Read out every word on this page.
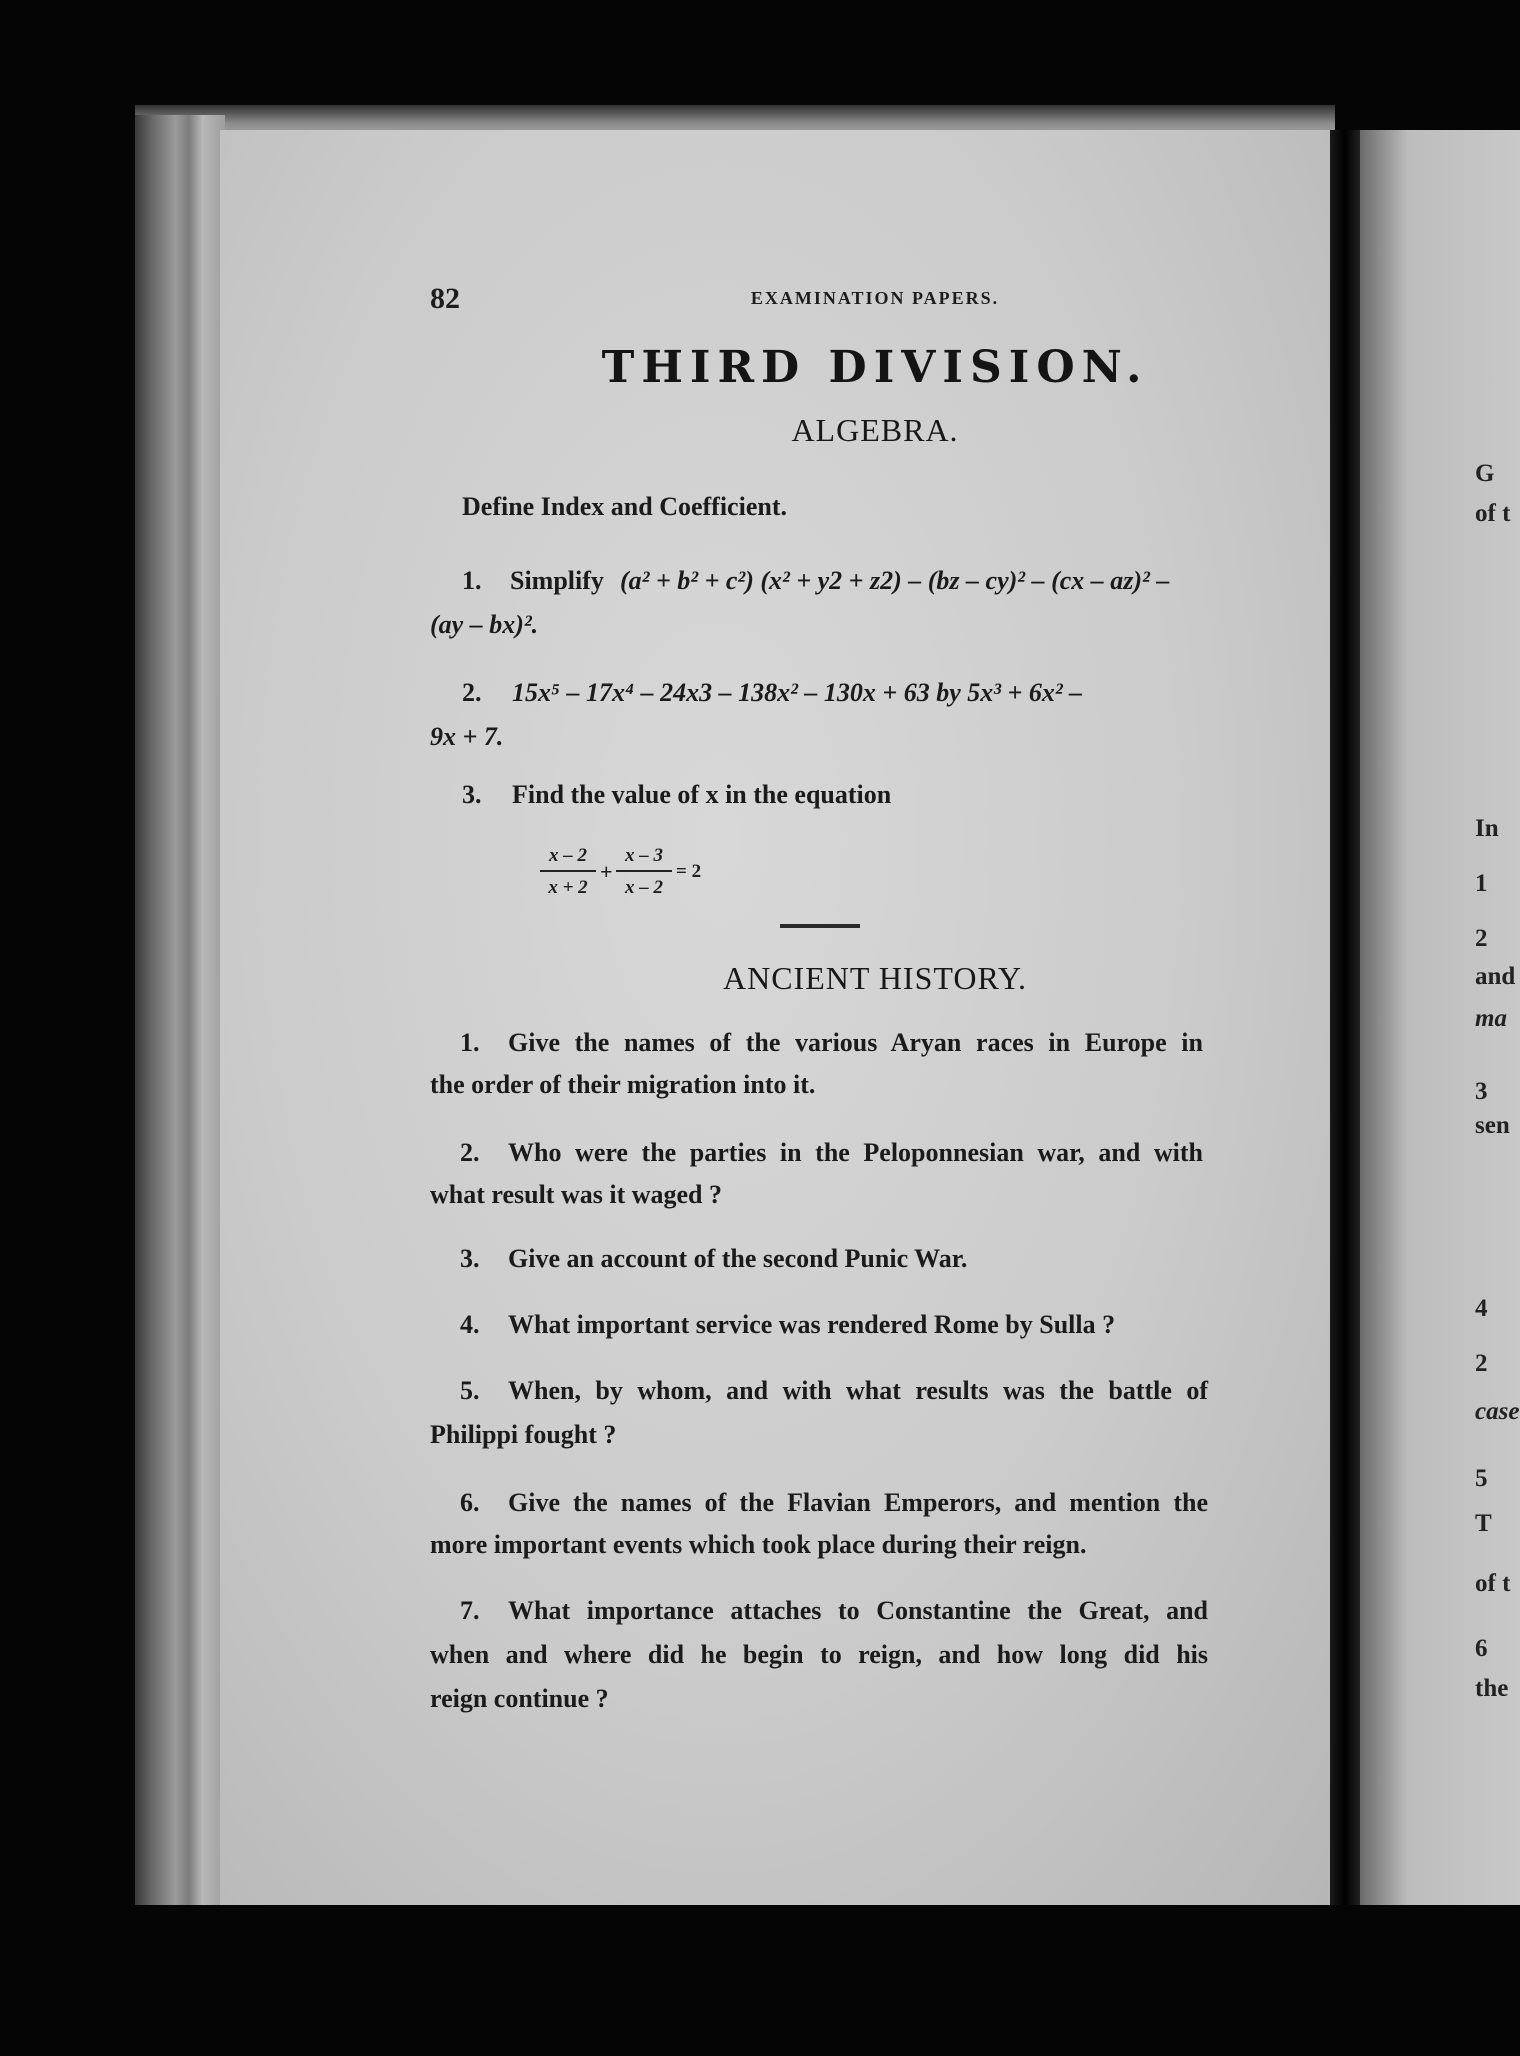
G
of t
In
1
2
and
ma
3
sen
4
2
case
5
T
of t
6
the
82	EXAMINATION PAPERS.
THIRD DIVISION.
ALGEBRA.
Define Index and Coefficient.
1. Simplify (a² + b² + c²) (x² + y2 + z2) – (bz – cy)² – (cx – az)² –
(ay – bx)².
2. 15x⁵ – 17x⁴ – 24x3 – 138x² – 130x + 63 by 5x³ + 6x² –
9x + 7.
3. Find the value of x in the equation
$\frac{x - 2}{x + 2} + \frac{x - 3}{x - 2} = 2$
ANCIENT HISTORY.
1. Give the names of the various Aryan races in Europe in
the order of their migration into it.
2. Who were the parties in the Peloponnesian war, and with
what result was it waged ?
3. Give an account of the second Punic War.
4. What important service was rendered Rome by Sulla ?
5. When, by whom, and with what results was the battle of
Philippi fought ?
6. Give the names of the Flavian Emperors, and mention the
more important events which took place during their reign.
7. What importance attaches to Constantine the Great, and
when and where did he begin to reign, and how long did his
reign continue ?
